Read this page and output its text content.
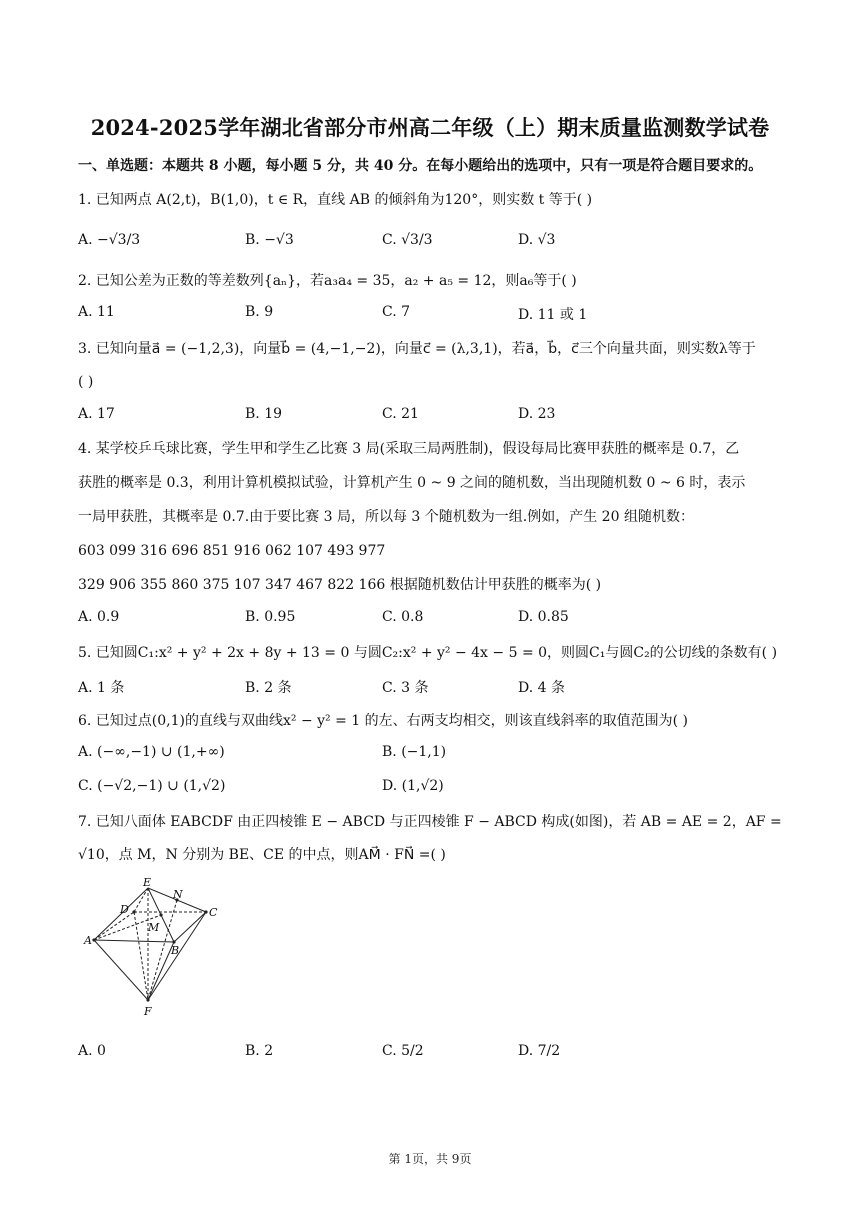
2024-2025学年湖北省部分市州高二年级（上）期末质量监测数学试卷
一、单选题：本题共 8 小题，每小题 5 分，共 40 分。在每小题给出的选项中，只有一项是符合题目要求的。
1. 已知两点 A(2,t)，B(1,0)，t ∈ R，直线 AB 的倾斜角为120°，则实数 t 等于( )
A. −√3/3	B. −√3	C. √3/3	D. √3
2. 已知公差为正数的等差数列{aₙ}，若a₃a₄ = 35，a₂ + a₅ = 12，则a₆等于( )
A. 11	B. 9	C. 7	D. 11 或 1
3. 已知向量a⃗ = (−1,2,3)，向量b⃗ = (4,−1,−2)，向量c⃗ = (λ,3,1)，若a⃗，b⃗，c⃗三个向量共面，则实数λ等于
( )
A. 17	B. 19	C. 21	D. 23
4. 某学校乒乓球比赛，学生甲和学生乙比赛 3 局(采取三局两胜制)，假设每局比赛甲获胜的概率是 0.7，乙
获胜的概率是 0.3，利用计算机模拟试验，计算机产生 0 ~ 9 之间的随机数，当出现随机数 0 ~ 6 时，表示
一局甲获胜，其概率是 0.7.由于要比赛 3 局，所以每 3 个随机数为一组.例如，产生 20 组随机数：
603 099 316 696 851 916 062 107 493 977
329 906 355 860 375 107 347 467 822 166 根据随机数估计甲获胜的概率为( )
A. 0.9	B. 0.95	C. 0.8	D. 0.85
5. 已知圆C₁:x² + y² + 2x + 8y + 13 = 0 与圆C₂:x² + y² − 4x − 5 = 0，则圆C₁与圆C₂的公切线的条数有( )
A. 1 条	B. 2 条	C. 3 条	D. 4 条
6. 已知过点(0,1)的直线与双曲线x² − y² = 1 的左、右两支均相交，则该直线斜率的取值范围为( )
A. (−∞,−1) ∪ (1,+∞)	B. (−1,1)
C. (−√2,−1) ∪ (1,√2)	D. (1,√2)
7. 已知八面体 EABCDF 由正四棱锥 E − ABCD 与正四棱锥 F − ABCD 构成(如图)，若 AB = AE = 2，AF =
√10，点 M，N 分别为 BE、CE 的中点，则AM⃗ · FN⃗ =( )
E
N
D	C
M
A
B
F
A. 0	B. 2	C. 5/2	D. 7/2
第 1页，共 9页
